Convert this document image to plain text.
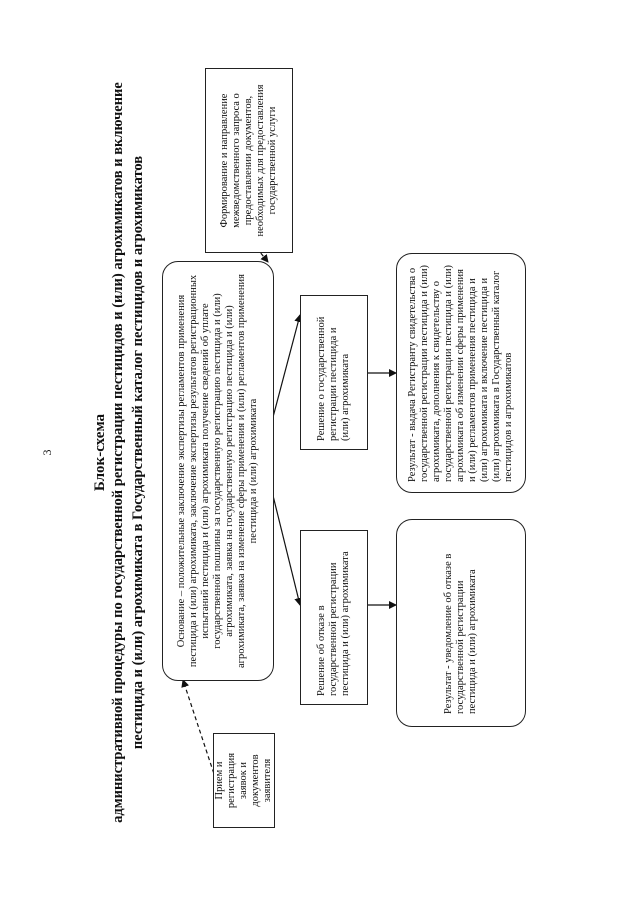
3	Блок-схема административной процедуры по государственной регистрации пестицидов и (или) агрохимикатов и включение пестицида и (или) агрохимиката в Государственный каталог пестицидов и агрохимикатов	Формирование и направление межведомственного запроса о предоставлении документов, необходимых для предоставления государственной услуги
Основание – положительные заключение экспертизы регламентов применения пестицида и (или) агрохимиката, заключение экспертизы результатов регистрационных испытаний пестицида и (или) агрохимиката получение сведений об уплате государственной пошлины за государственную регистрацию пестицида и (или) агрохимиката, заявка на государственную регистрацию пестицида и (или) агрохимиката, заявка на изменение сферы применения и (или) регламентов применения пестицида и (или) агрохимиката
Прием и регистрация заявок и документов заявителя
Решение о государственной регистрации пестицида и (или) агрохимиката
Решение об отказе в государственной регистрации пестицида и (или) агрохимиката
Результат - выдача Регистранту свидетельства о государственной регистрации пестицида и (или) агрохимиката, дополнения к свидетельству о государственной регистрации пестицида и (или) агрохимиката об изменении сферы применения и (или) регламентов применения пестицида и (или) агрохимиката и включение пестицида и (или) агрохимиката в Государственный каталог пестицидов и агрохимикатов
Результат - уведомление об отказе в государственной регистрации пестицида и (или) агрохимиката
